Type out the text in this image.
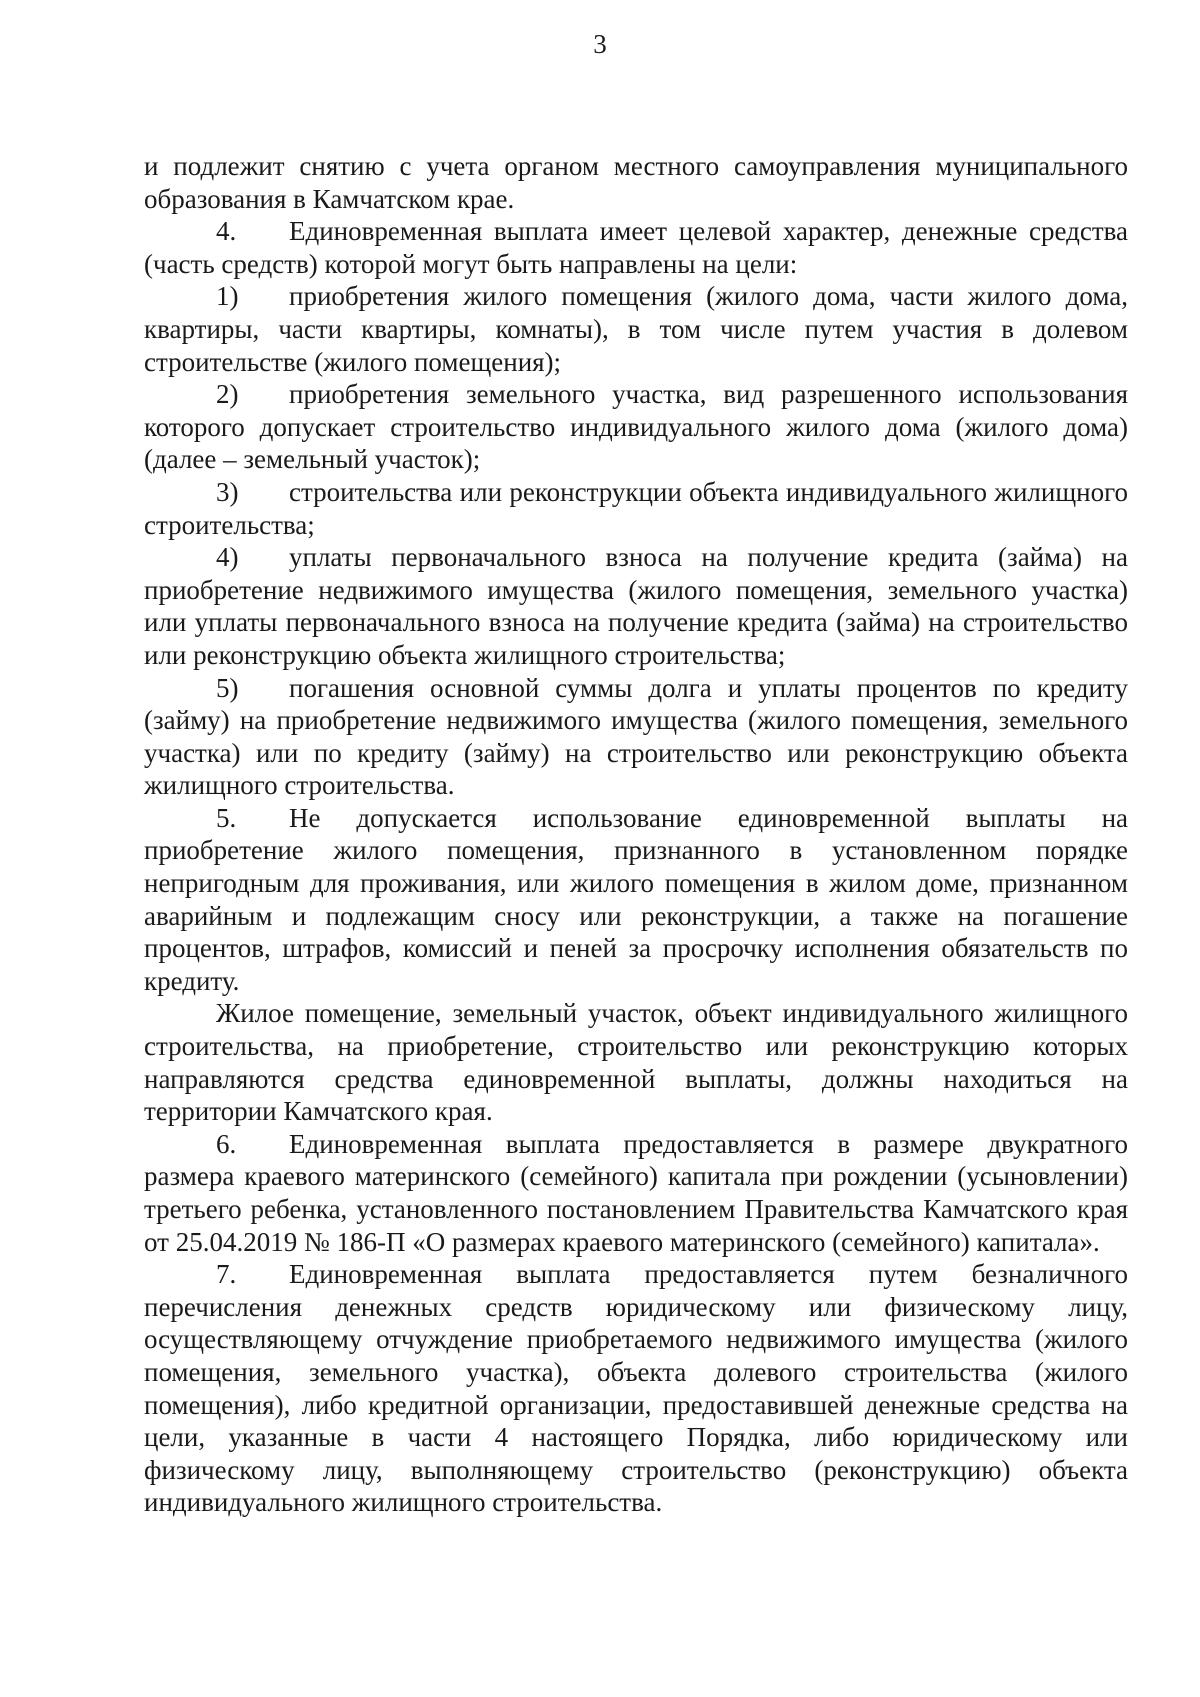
3

и подлежит снятию с учета органом местного самоуправления муниципального образования в Камчатском крае.

4. Единовременная выплата имеет целевой характер, денежные средства (часть средств) которой могут быть направлены на цели:

1) приобретения жилого помещения (жилого дома, части жилого дома, квартиры, части квартиры, комнаты), в том числе путем участия в долевом строительстве (жилого помещения);

2) приобретения земельного участка, вид разрешенного использования которого допускает строительство индивидуального жилого дома (жилого дома) (далее – земельный участок);

3) строительства или реконструкции объекта индивидуального жилищного строительства;

4) уплаты первоначального взноса на получение кредита (займа) на приобретение недвижимого имущества (жилого помещения, земельного участка) или уплаты первоначального взноса на получение кредита (займа) на строительство или реконструкцию объекта жилищного строительства;

5) погашения основной суммы долга и уплаты процентов по кредиту (займу) на приобретение недвижимого имущества (жилого помещения, земельного участка) или по кредиту (займу) на строительство или реконструкцию объекта жилищного строительства.

5. Не допускается использование единовременной выплаты на приобретение жилого помещения, признанного в установленном порядке непригодным для проживания, или жилого помещения в жилом доме, признанном аварийным и подлежащим сносу или реконструкции, а также на погашение процентов, штрафов, комиссий и пеней за просрочку исполнения обязательств по кредиту.

Жилое помещение, земельный участок, объект индивидуального жилищного строительства, на приобретение, строительство или реконструкцию которых направляются средства единовременной выплаты, должны находиться на территории Камчатского края.

6. Единовременная выплата предоставляется в размере двукратного размера краевого материнского (семейного) капитала при рождении (усыновлении) третьего ребенка, установленного постановлением Правительства Камчатского края от 25.04.2019 № 186-П «О размерах краевого материнского (семейного) капитала».

7. Единовременная выплата предоставляется путем безналичного перечисления денежных средств юридическому или физическому лицу, осуществляющему отчуждение приобретаемого недвижимого имущества (жилого помещения, земельного участка), объекта долевого строительства (жилого помещения), либо кредитной организации, предоставившей денежные средства на цели, указанные в части 4 настоящего Порядка, либо юридическому или физическому лицу, выполняющему строительство (реконструкцию) объекта индивидуального жилищного строительства.
